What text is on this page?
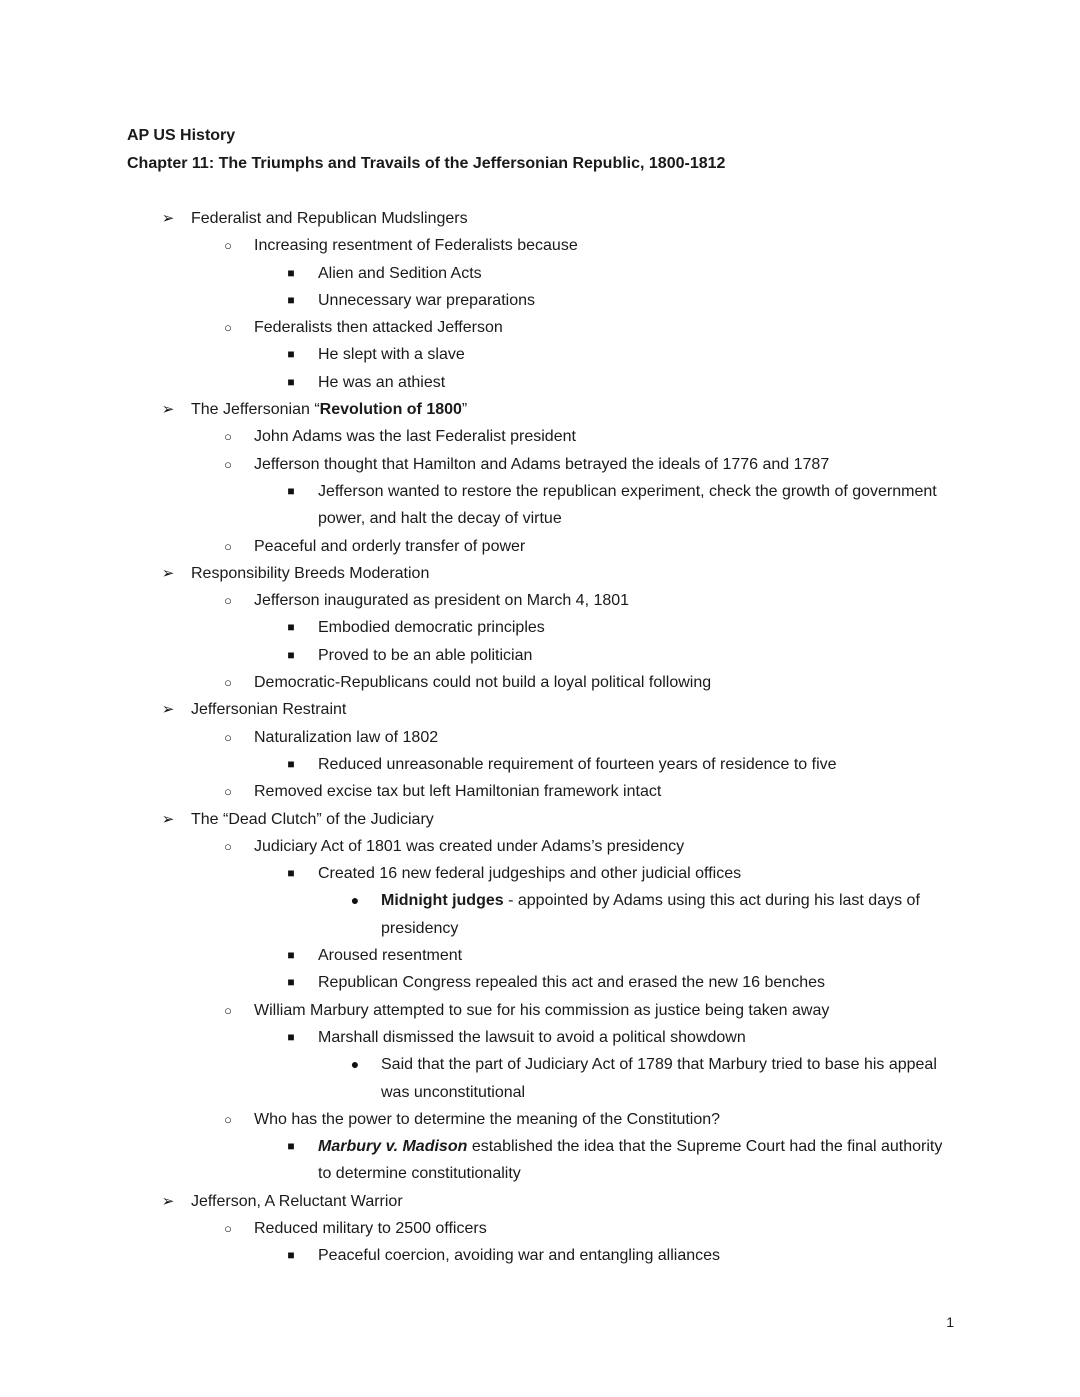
AP US History
Chapter 11: The Triumphs and Travails of the Jeffersonian Republic, 1800-1812
➢ Federalist and Republican Mudslingers
○	Increasing resentment of Federalists because
■	Alien and Sedition Acts
■	Unnecessary war preparations
○	Federalists then attacked Jefferson
■	He slept with a slave
■	He was an athiest
➢ The Jeffersonian “Revolution of 1800”
○	John Adams was the last Federalist president
○	Jefferson thought that Hamilton and Adams betrayed the ideals of 1776 and 1787
■	Jefferson wanted to restore the republican experiment, check the growth of government power, and halt the decay of virtue
○	Peaceful and orderly transfer of power
➢ Responsibility Breeds Moderation
○	Jefferson inaugurated as president on March 4, 1801
■	Embodied democratic principles
■	Proved to be an able politician
○	Democratic-Republicans could not build a loyal political following
➢ Jeffersonian Restraint
○	Naturalization law of 1802
■	Reduced unreasonable requirement of fourteen years of residence to five
○	Removed excise tax but left Hamiltonian framework intact
➢ The “Dead Clutch” of the Judiciary
○	Judiciary Act of 1801 was created under Adams’s presidency
■	Created 16 new federal judgeships and other judicial offices
●	Midnight judges - appointed by Adams using this act during his last days of presidency
■	Aroused resentment
■	Republican Congress repealed this act and erased the new 16 benches
○	William Marbury attempted to sue for his commission as justice being taken away
■	Marshall dismissed the lawsuit to avoid a political showdown
●	Said that the part of Judiciary Act of 1789 that Marbury tried to base his appeal was unconstitutional
○	Who has the power to determine the meaning of the Constitution?
■	Marbury v. Madison established the idea that the Supreme Court had the final authority to determine constitutionality
➢ Jefferson, A Reluctant Warrior
○	Reduced military to 2500 officers
■	Peaceful coercion, avoiding war and entangling alliances
1
